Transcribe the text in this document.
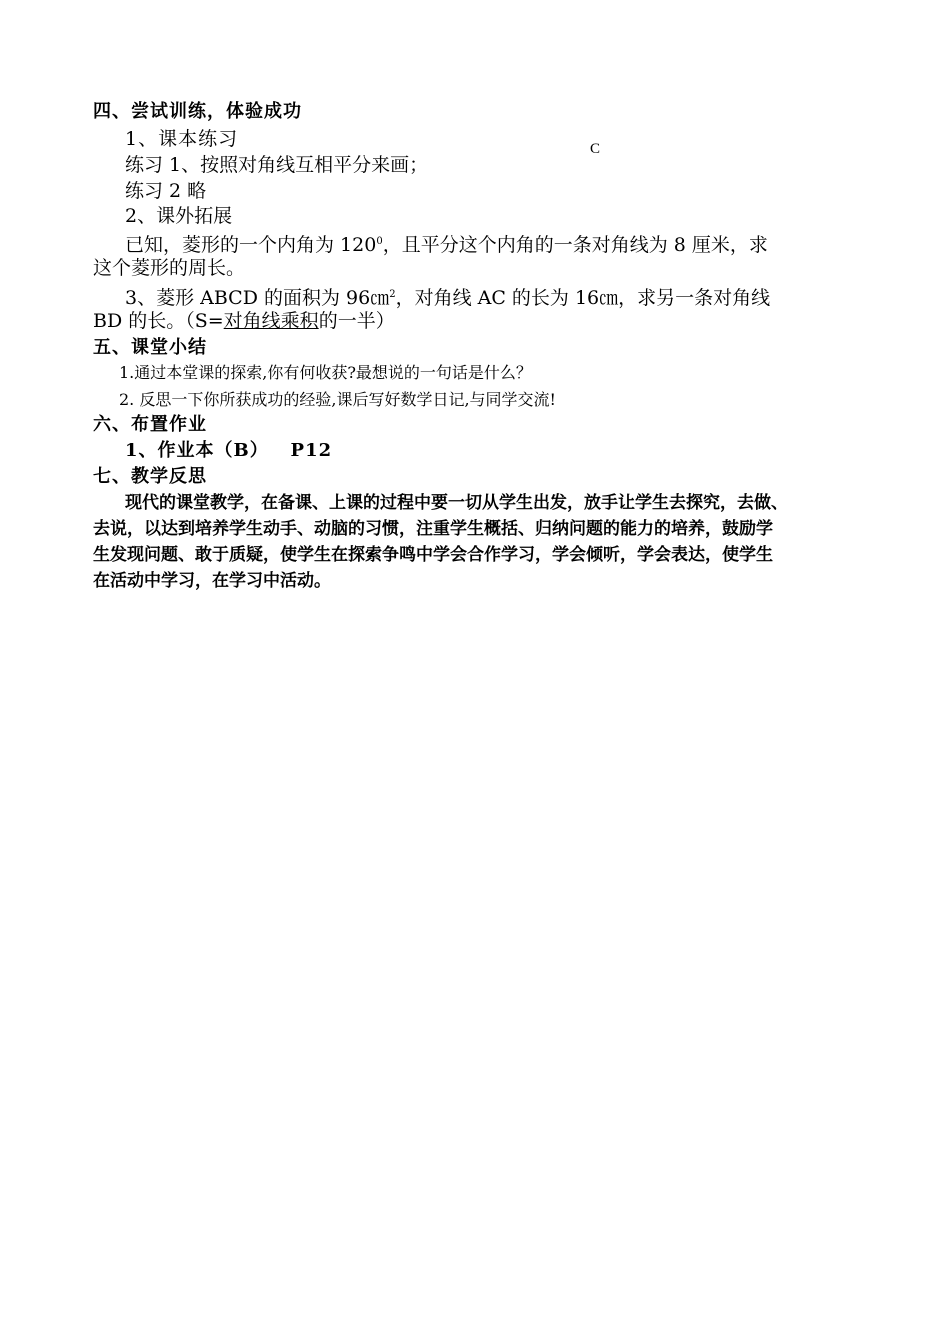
四、尝试训练，体验成功
1、课本练习	C
练习 1、按照对角线互相平分来画；
练习 2 略
2、课外拓展
已知，菱形的一个内角为 $120^0$，且平分这个内角的一条对角线为 8 厘米，求
这个菱形的周长。
3、菱形 ABCD 的面积为 96㎝$^2$，对角线 AC 的长为 16㎝，求另一条对角线
BD 的长。（S=对角线乘积的一半）
五、课堂小结
1.通过本堂课的探索,你有何收获?最想说的一句话是什么？
2. 反思一下你所获成功的经验,课后写好数学日记,与同学交流!
六、布置作业
1、作业本（B）   P12
七、教学反思
现代的课堂教学，在备课、上课的过程中要一切从学生出发，放手让学生去探究，去做、
去说，以达到培养学生动手、动脑的习惯，注重学生概括、归纳问题的能力的培养，鼓励学
生发现问题、敢于质疑，使学生在探索争鸣中学会合作学习，学会倾听，学会表达，使学生
在活动中学习，在学习中活动。
